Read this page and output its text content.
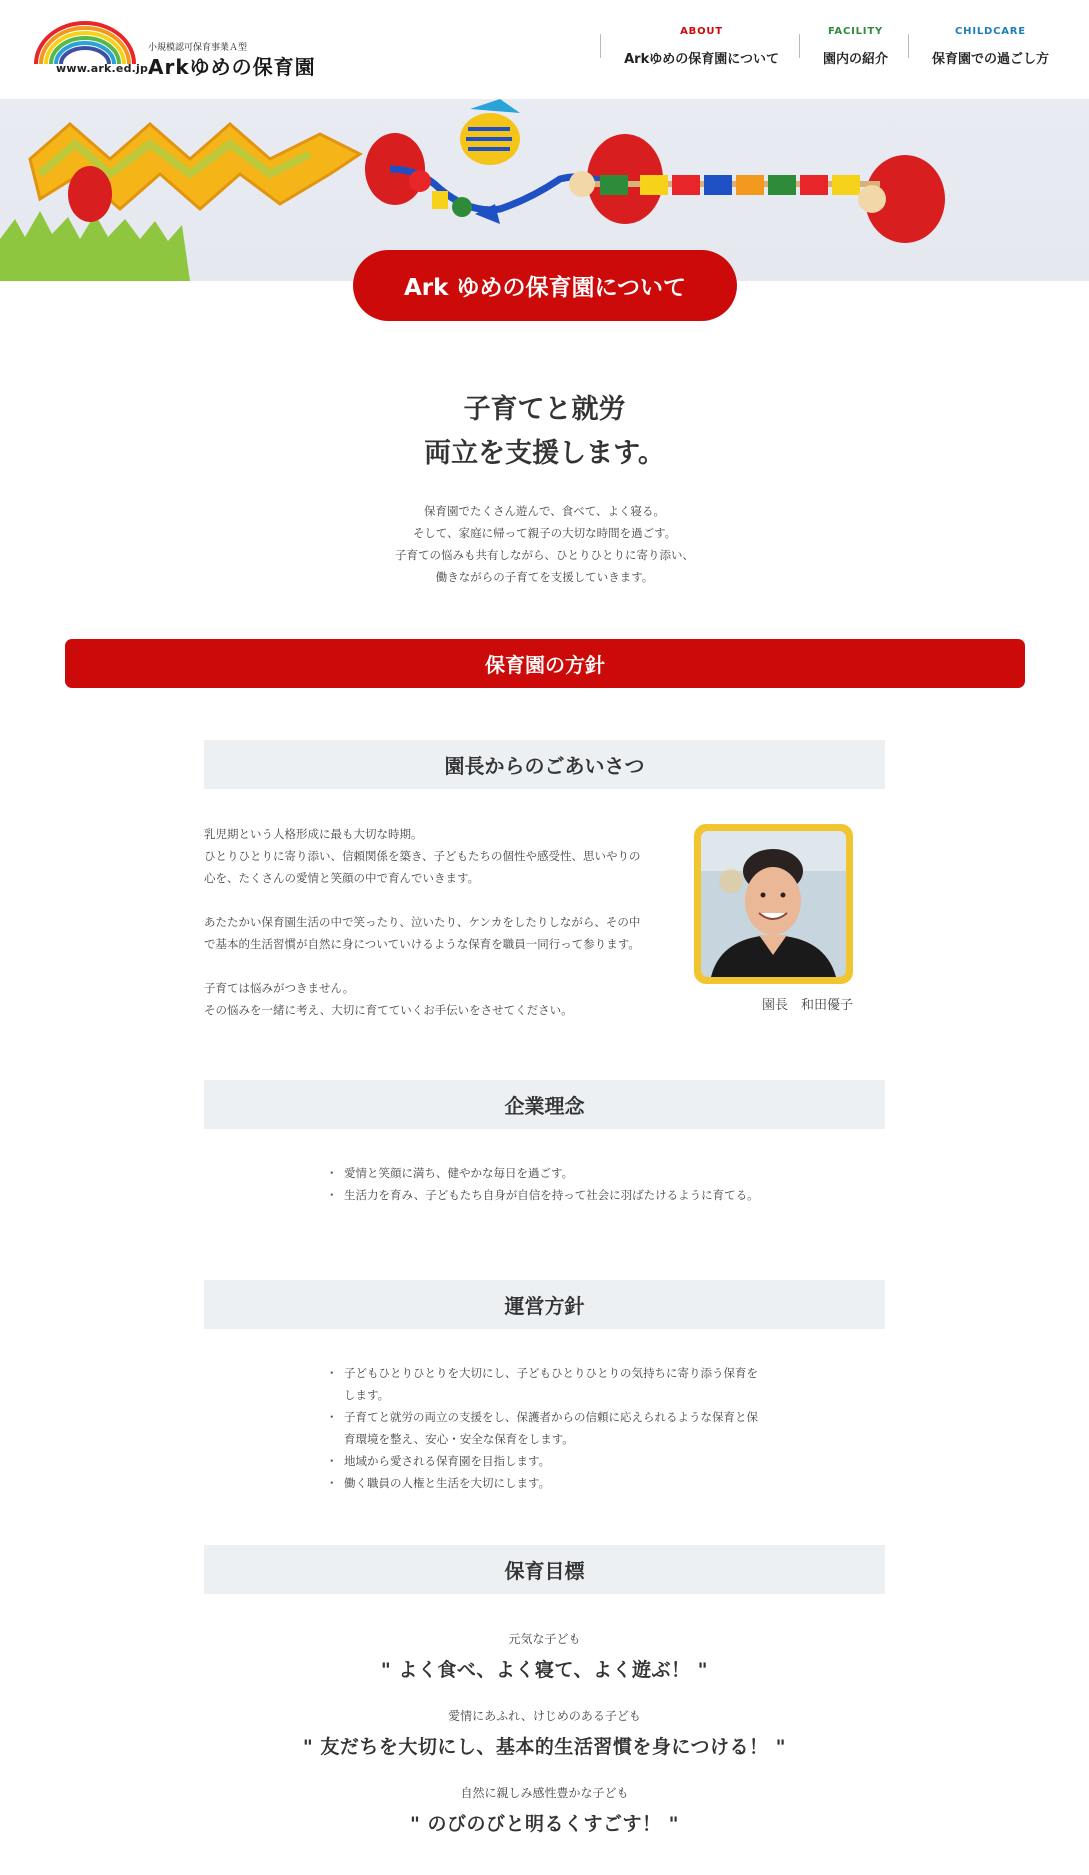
www.ark.ed.jp
小規模認可保育事業Ａ型
Arkゆめの保育園
ABOUT
Arkゆめの保育園について
FACILITY
園内の紹介
CHILDCARE
保育園での過ごし方
Ark ゆめの保育園について
子育てと就労
両立を支援します。
保育園でたくさん遊んで、食べて、よく寝る。
そして、家庭に帰って親子の大切な時間を過ごす。
子育ての悩みも共有しながら、ひとりひとりに寄り添い、
働きながらの子育てを支援していきます。
保育園の方針
園長からのごあいさつ
乳児期という人格形成に最も大切な時期。
ひとりひとりに寄り添い、信頼関係を築き、子どもたちの個性や感受性、思いやりの
心を、たくさんの愛情と笑顔の中で育んでいきます。
あたたかい保育園生活の中で笑ったり、泣いたり、ケンカをしたりしながら、その中
で基本的生活習慣が自然に身についていけるような保育を職員一同行って参ります。
子育ては悩みがつきません。
その悩みを一緒に考え、大切に育てていくお手伝いをさせてください。	園長　和田優子
企業理念
・ 愛情と笑顔に満ち、健やかな毎日を過ごす。
・ 生活力を育み、子どもたち自身が自信を持って社会に羽ばたけるように育てる。
運営方針
・ 子どもひとりひとりを大切にし、子どもひとりひとりの気持ちに寄り添う保育をします。
・ 子育てと就労の両立の支援をし、保護者からの信頼に応えられるような保育と保育環境を整え、安心・安全な保育をします。
・ 地域から愛される保育園を目指します。
・ 働く職員の人権と生活を大切にします。
保育目標
元気な子ども
" よく食べ、よく寝て、よく遊ぶ！ "
愛情にあふれ、けじめのある子ども
" 友だちを大切にし、基本的生活習慣を身につける！ "
自然に親しみ感性豊かな子ども
" のびのびと明るくすごす！ "
